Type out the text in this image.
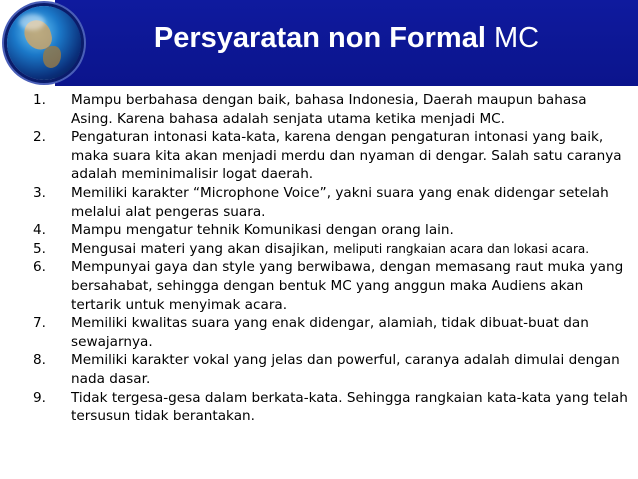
Persyaratan non Formal MC
1. Mampu berbahasa dengan baik, bahasa Indonesia, Daerah maupun bahasa Asing. Karena bahasa adalah senjata utama ketika menjadi MC.
2. Pengaturan intonasi kata-kata, karena dengan pengaturan intonasi yang baik, maka suara kita akan menjadi merdu dan nyaman di dengar. Salah satu caranya adalah meminimalisir logat daerah.
3. Memiliki karakter “Microphone Voice”, yakni suara yang enak didengar setelah melalui alat pengeras suara.
4. Mampu mengatur tehnik Komunikasi dengan orang lain.
5. Mengusai materi yang akan disajikan, meliputi rangkaian acara dan lokasi acara.
6. Mempunyai gaya dan style yang berwibawa, dengan memasang raut muka yang bersahabat, sehingga dengan bentuk MC yang anggun maka Audiens akan tertarik untuk menyimak acara.
7. Memiliki kwalitas suara yang enak didengar, alamiah, tidak dibuat-buat dan sewajarnya.
8. Memiliki karakter vokal yang jelas dan powerful, caranya adalah dimulai dengan nada dasar.
9. Tidak tergesa-gesa dalam berkata-kata. Sehingga rangkaian kata-kata yang telah tersusun tidak berantakan.
